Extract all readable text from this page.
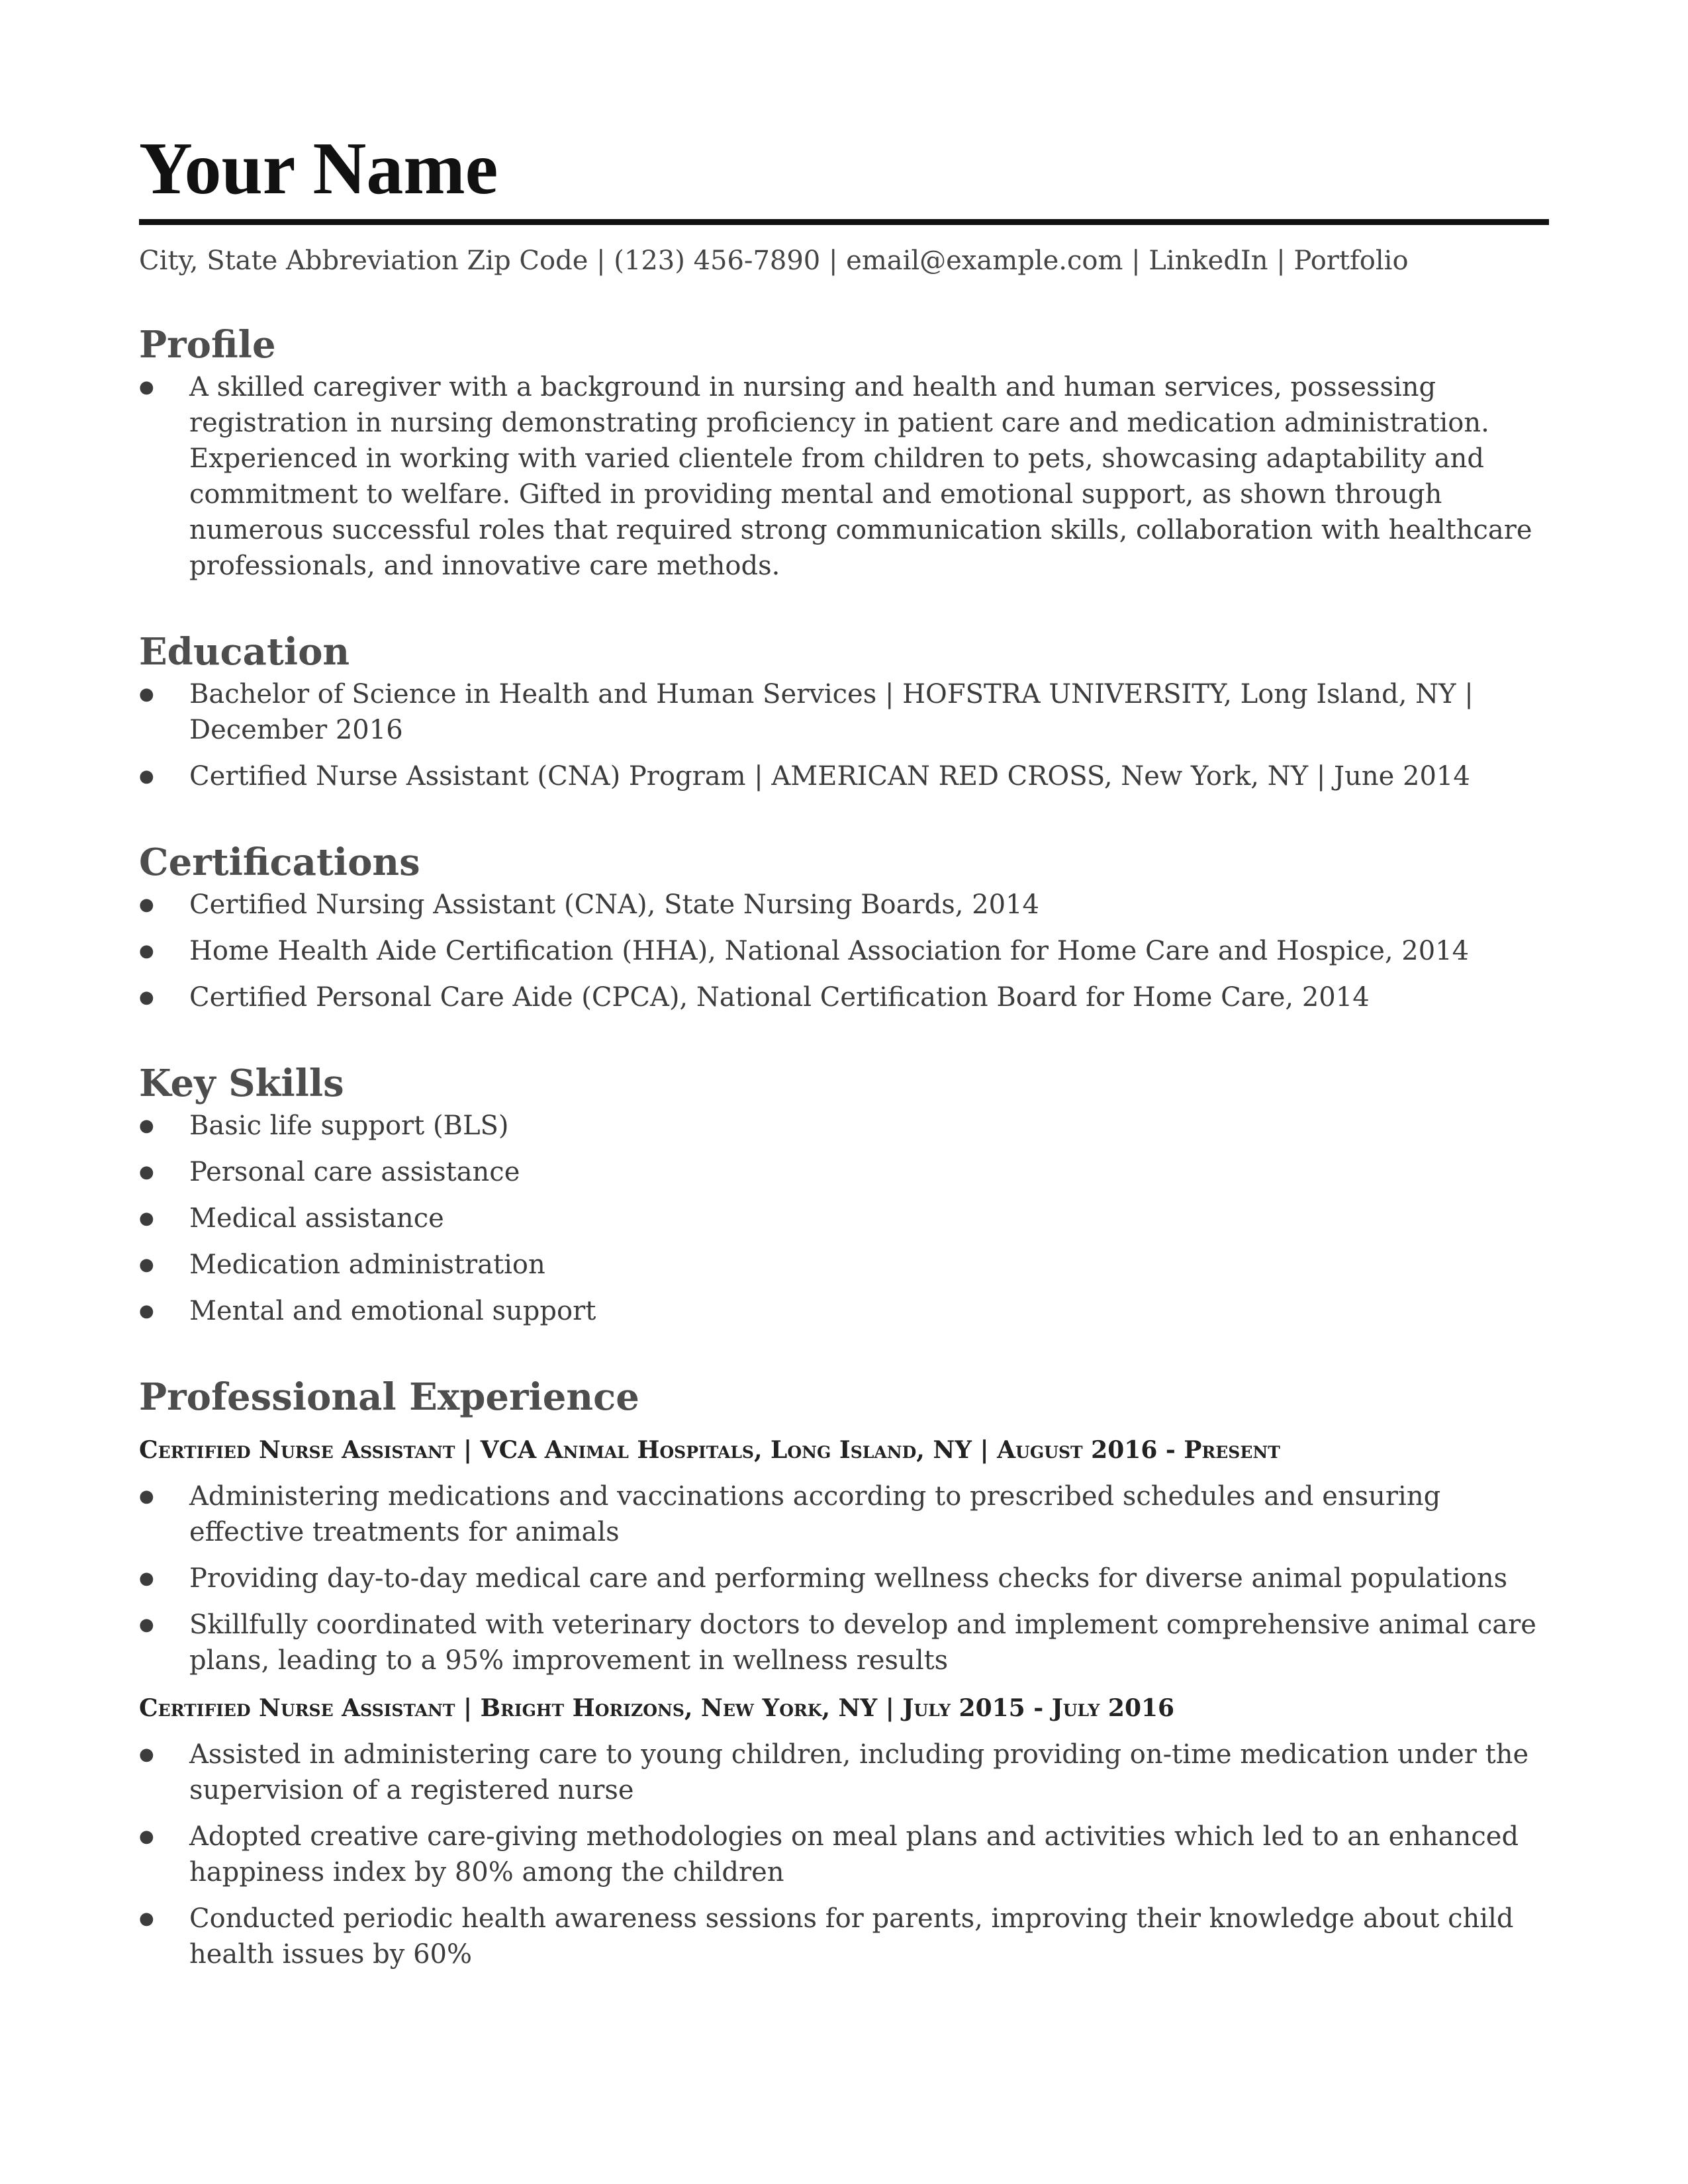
Your Name
City, State Abbreviation Zip Code | (123) 456-7890 | email@example.com | LinkedIn | Portfolio
Profile
● A skilled caregiver with a background in nursing and health and human services, possessing registration in nursing demonstrating proficiency in patient care and medication administration. Experienced in working with varied clientele from children to pets, showcasing adaptability and commitment to welfare. Gifted in providing mental and emotional support, as shown through numerous successful roles that required strong communication skills, collaboration with healthcare professionals, and innovative care methods.
Education
● Bachelor of Science in Health and Human Services | HOFSTRA UNIVERSITY, Long Island, NY | December 2016
● Certified Nurse Assistant (CNA) Program | AMERICAN RED CROSS, New York, NY | June 2014
Certifications
● Certified Nursing Assistant (CNA), State Nursing Boards, 2014
● Home Health Aide Certification (HHA), National Association for Home Care and Hospice, 2014
● Certified Personal Care Aide (CPCA), National Certification Board for Home Care, 2014
Key Skills
● Basic life support (BLS)
● Personal care assistance
● Medical assistance
● Medication administration
● Mental and emotional support
Professional Experience
Certified Nurse Assistant | VCA Animal Hospitals, Long Island, NY | August 2016 - Present
● Administering medications and vaccinations according to prescribed schedules and ensuring effective treatments for animals
● Providing day-to-day medical care and performing wellness checks for diverse animal populations
● Skillfully coordinated with veterinary doctors to develop and implement comprehensive animal care plans, leading to a 95% improvement in wellness results
Certified Nurse Assistant | Bright Horizons, New York, NY | July 2015 - July 2016
● Assisted in administering care to young children, including providing on-time medication under the supervision of a registered nurse
● Adopted creative care-giving methodologies on meal plans and activities which led to an enhanced happiness index by 80% among the children
● Conducted periodic health awareness sessions for parents, improving their knowledge about child health issues by 60%
